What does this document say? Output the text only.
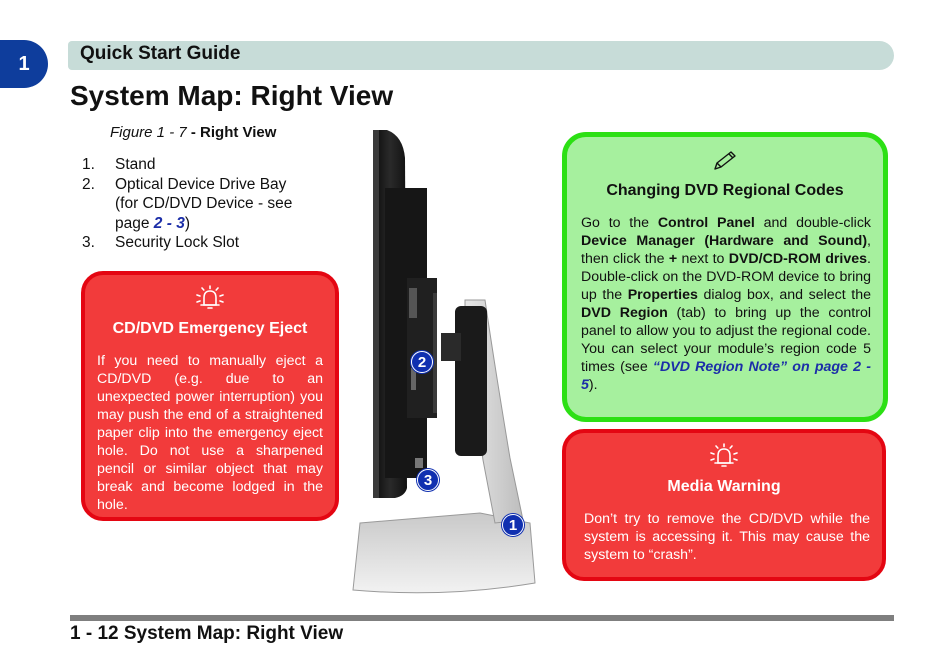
1	Quick Start Guide
System Map: Right View
Figure 1 - 7 - Right View
1.	Stand
2.	Optical Device Drive Bay
(for CD/DVD Device - see
page 2 - 3)
3.	Security Lock Slot
CD/DVD Emergency Eject
If you need to manually eject a CD/DVD (e.g. due to an unexpected power interruption) you may push the end of a straightened paper clip into the emergency eject hole. Do not use a sharpened pencil or similar object that may break and become lodged in the hole.
Changing DVD Regional Codes
Go to the Control Panel and double-click Device Manager (Hardware and Sound), then click the + next to DVD/CD-ROM drives. Double-click on the DVD-ROM device to bring up the Properties dialog box, and select the DVD Region (tab) to bring up the control panel to allow you to adjust the regional code. You can select your module’s region code 5 times (see “DVD Region Note” on page 2 - 5).
Media Warning
Don’t try to remove the CD/DVD while the system is accessing it. This may cause the system to “crash”.
2
3
1
1 - 12 System Map: Right View
